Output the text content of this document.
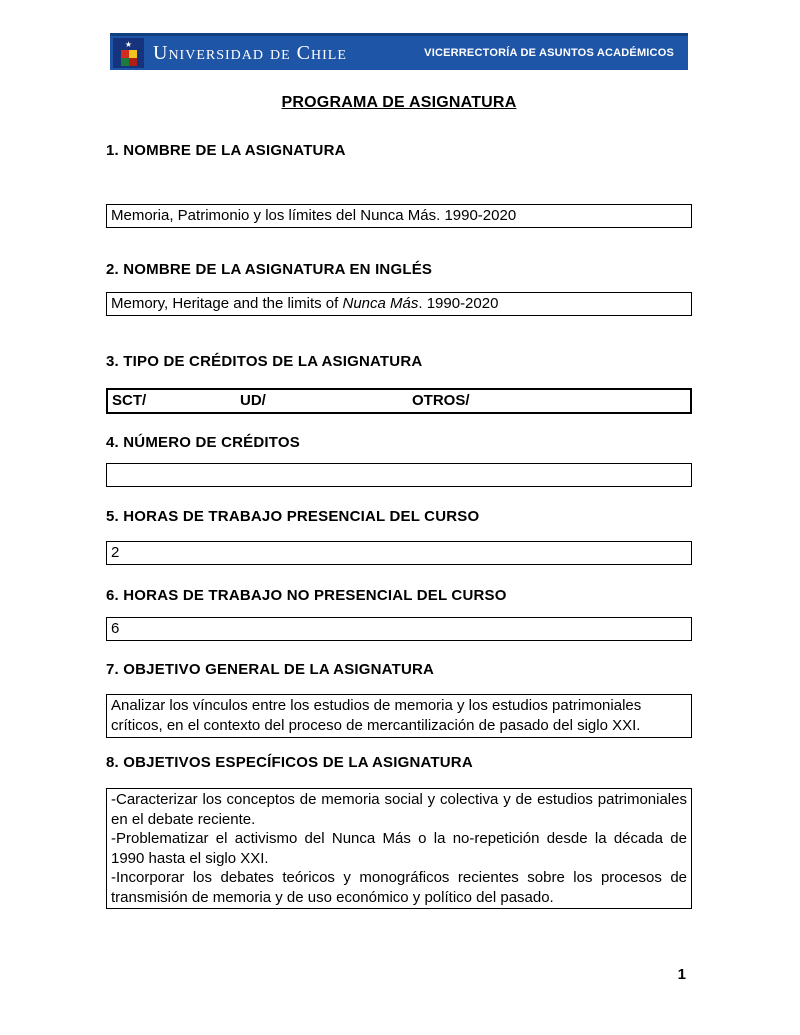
★ Universidad de Chile	VICERRECTORÍA DE ASUNTOS ACADÉMICOS
PROGRAMA DE ASIGNATURA
1. NOMBRE DE LA ASIGNATURA
Memoria, Patrimonio y los límites del Nunca Más. 1990-2020
2. NOMBRE DE LA ASIGNATURA EN INGLÉS
Memory, Heritage and the limits of Nunca Más. 1990-2020
3. TIPO DE CRÉDITOS DE LA ASIGNATURA
SCT/	UD/	OTROS/
4. NÚMERO DE CRÉDITOS
5. HORAS DE TRABAJO PRESENCIAL DEL CURSO
2
6. HORAS DE TRABAJO NO PRESENCIAL DEL CURSO
6
7. OBJETIVO GENERAL DE LA ASIGNATURA

Analizar los vínculos entre los estudios de memoria y los estudios patrimoniales críticos, en el contexto del proceso de mercantilización de pasado del siglo XXI.

8. OBJETIVOS ESPECÍFICOS DE LA ASIGNATURA

-Caracterizar los conceptos de memoria social y colectiva y de estudios patrimoniales en el debate reciente.

-Problematizar el activismo del Nunca Más o la no-repetición desde la década de 1990 hasta el siglo XXI.

-Incorporar los debates teóricos y monográficos recientes sobre los procesos de transmisión de memoria y de uso económico y político del pasado.

1
